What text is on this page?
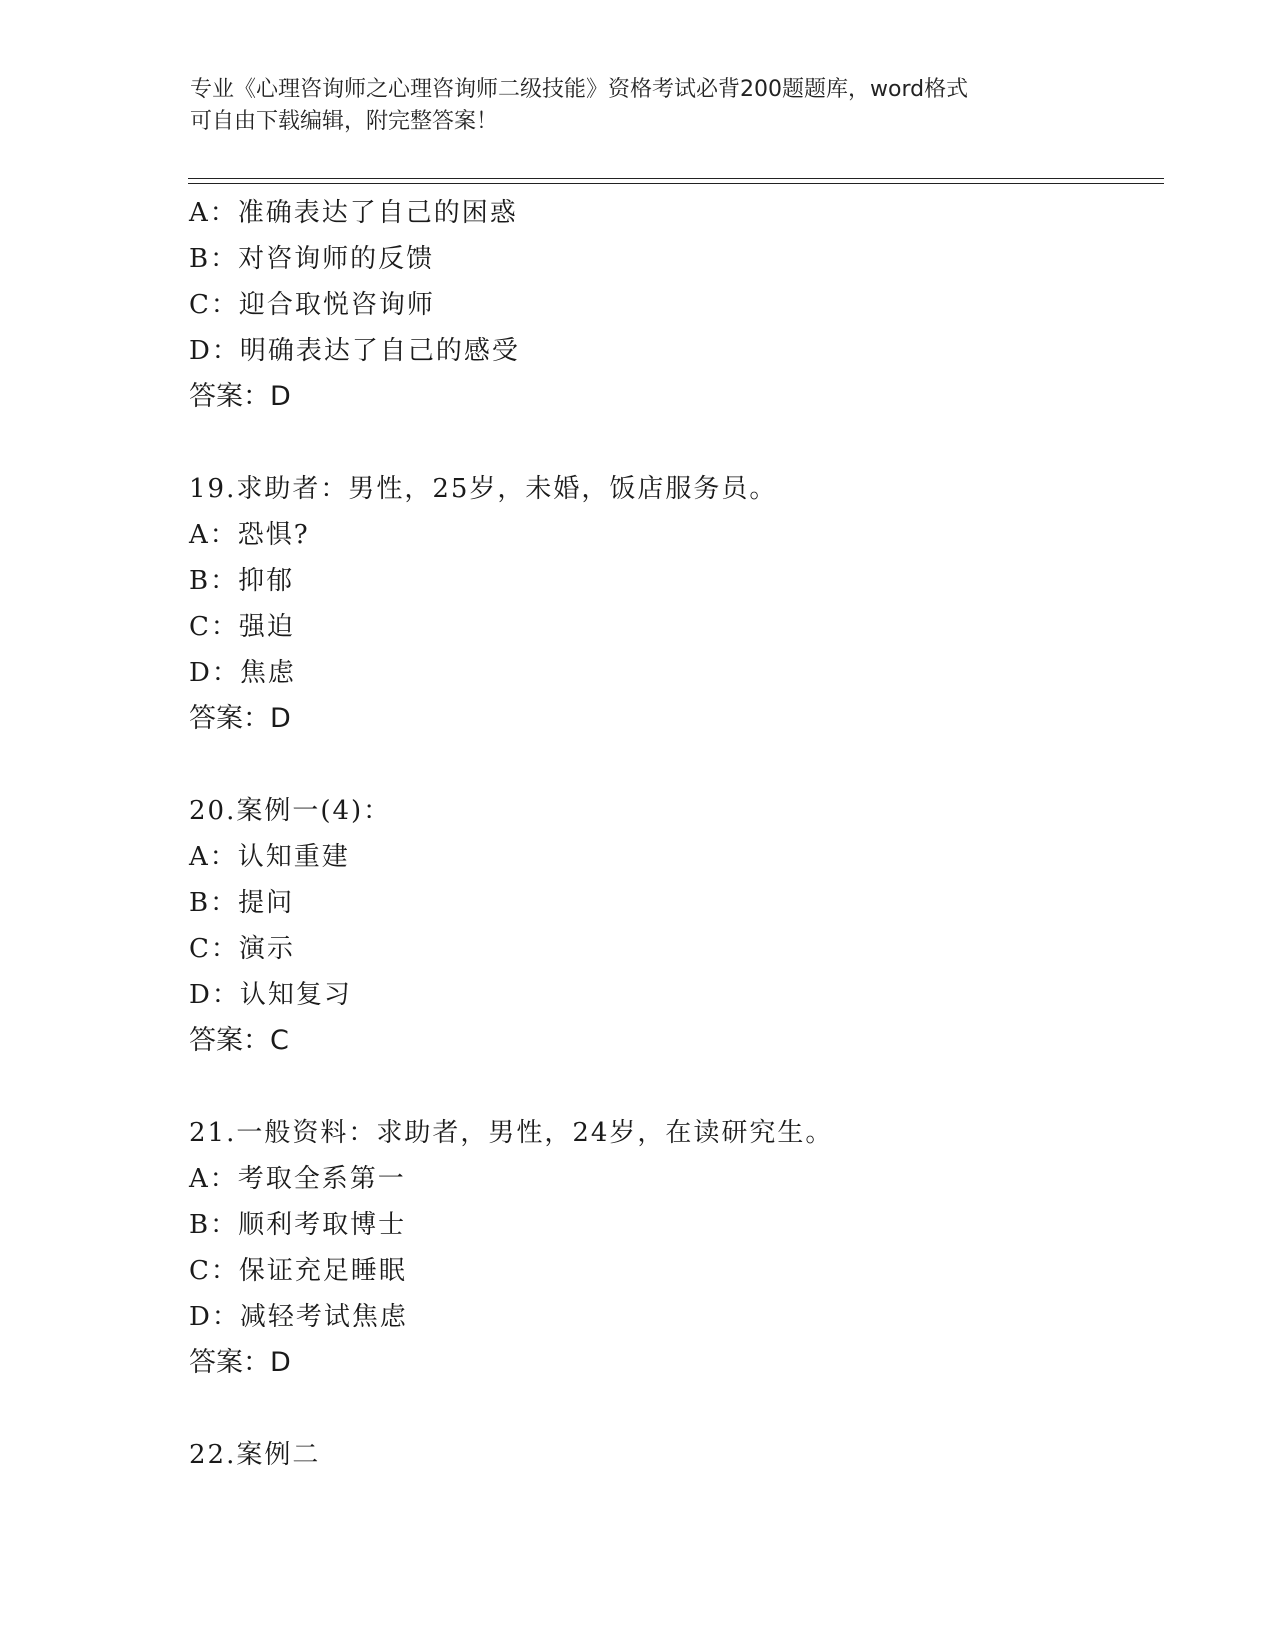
专业《心理咨询师之心理咨询师二级技能》资格考试必背200题题库，word格式
可自由下载编辑，附完整答案！
A：准确表达了自己的困惑
B：对咨询师的反馈
C：迎合取悦咨询师
D：明确表达了自己的感受
答案：D
19.求助者：男性，25岁，未婚，饭店服务员。
A：恐惧?
B：抑郁
C：强迫
D：焦虑
答案：D
20.案例一(4)：
A：认知重建
B：提问
C：演示
D：认知复习
答案：C
21.一般资料：求助者，男性，24岁，在读研究生。
A：考取全系第一
B：顺利考取博士
C：保证充足睡眠
D：减轻考试焦虑
答案：D
22.案例二
